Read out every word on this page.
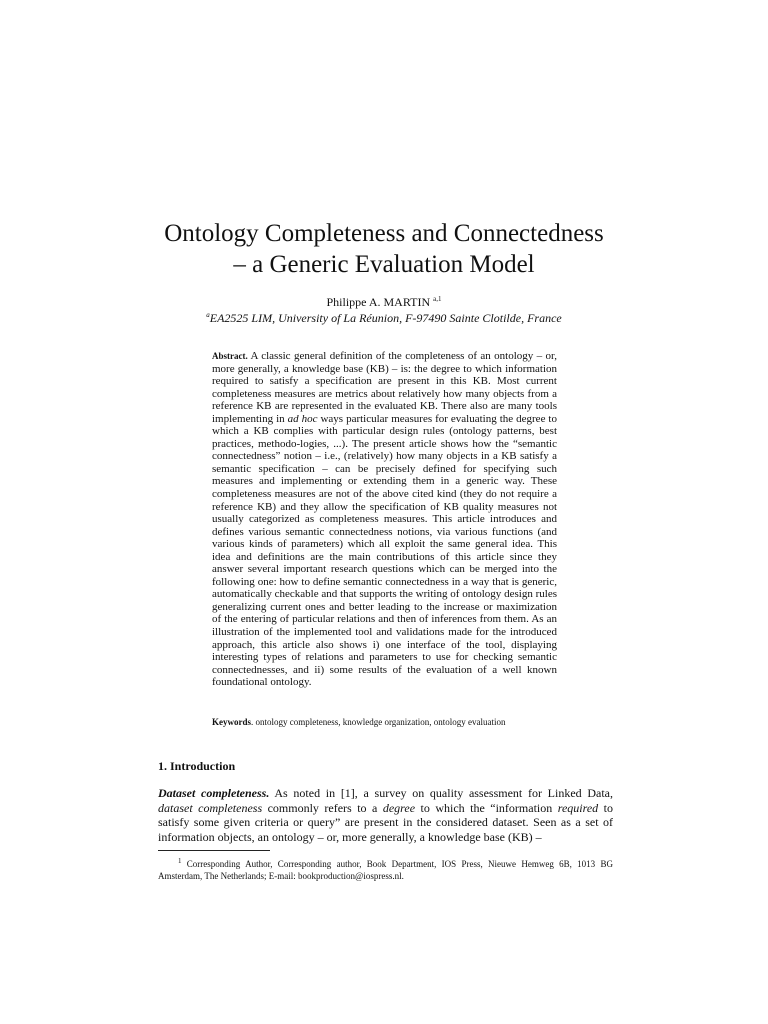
Ontology Completeness and Connectedness
– a Generic Evaluation Model
Philippe A. MARTIN $^{a,1}$
$^a$EA2525 LIM, University of La Réunion, F-97490 Sainte Clotilde, France
Abstract. A classic general definition of the completeness of an ontology – or, more generally, a knowledge base (KB) – is: the degree to which information required to satisfy a specification are present in this KB. Most current completeness measures are metrics about relatively how many objects from a reference KB are represented in the evaluated KB. There also are many tools implementing in ad hoc ways particular measures for evaluating the degree to which a KB complies with particular design rules (ontology patterns, best practices, methodo-logies, ...). The present article shows how the “semantic connectedness” notion – i.e., (relatively) how many objects in a KB satisfy a semantic specification – can be precisely defined for specifying such measures and implementing or extending them in a generic way. These completeness measures are not of the above cited kind (they do not require a reference KB) and they allow the specification of KB quality measures not usually categorized as completeness measures. This article introduces and defines various semantic connectedness notions, via various functions (and various kinds of parameters) which all exploit the same general idea. This idea and definitions are the main contributions of this article since they answer several important research questions which can be merged into the following one: how to define semantic connectedness in a way that is generic, automatically checkable and that supports the writing of ontology design rules generalizing current ones and better leading to the increase or maximization of the entering of particular relations and then of inferences from them. As an illustration of the implemented tool and validations made for the introduced approach, this article also shows i) one interface of the tool, displaying interesting types of relations and parameters to use for checking semantic connectednesses, and ii) some results of the evaluation of a well known foundational ontology.
Keywords. ontology completeness, knowledge organization, ontology evaluation
1. Introduction
Dataset completeness. As noted in [1], a survey on quality assessment for Linked Data, dataset completeness commonly refers to a degree to which the “information required to satisfy some given criteria or query” are present in the considered dataset. Seen as a set of information objects, an ontology – or, more generally, a knowledge base (KB) –
$^1$ Corresponding Author, Corresponding author, Book Department, IOS Press, Nieuwe Hemweg 6B, 1013 BG Amsterdam, The Netherlands; E-mail: bookproduction@iospress.nl.
